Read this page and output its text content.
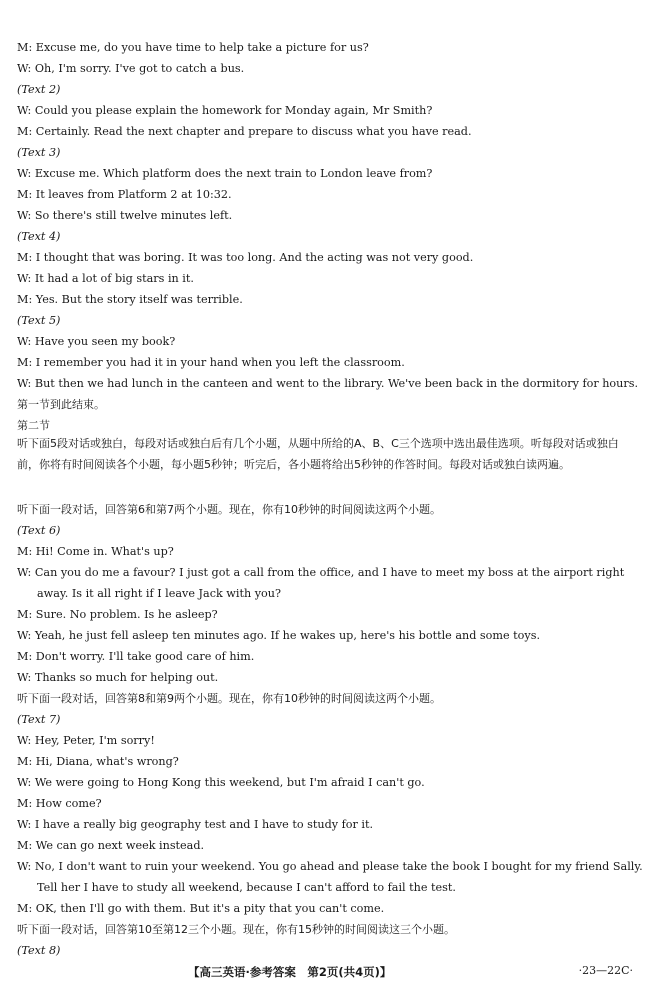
M: Excuse me, do you have time to help take a picture for us?
W: Oh, I'm sorry. I've got to catch a bus.
(Text 2)
W: Could you please explain the homework for Monday again, Mr Smith?
M: Certainly. Read the next chapter and prepare to discuss what you have read.
(Text 3)
W: Excuse me. Which platform does the next train to London leave from?
M: It leaves from Platform 2 at 10:32.
W: So there's still twelve minutes left.
(Text 4)
M: I thought that was boring. It was too long. And the acting was not very good.
W: It had a lot of big stars in it.
M: Yes. But the story itself was terrible.
(Text 5)
W: Have you seen my book?
M: I remember you had it in your hand when you left the classroom.
W: But then we had lunch in the canteen and went to the library. We've been back in the dormitory for hours.
第一节到此结束。
第二节
听下面5段对话或独白，每段对话或独白后有几个小题，从题中所给的A、B、C三个选项中选出最佳选项。听每段对话或独白前，你将有时间阅读各个小题，每小题5秒钟；听完后，各小题将给出5秒钟的作答时间。每段对话或独白读两遍。
听下面一段对话，回答第6和第7两个小题。现在，你有10秒钟的时间阅读这两个小题。
(Text 6)
M: Hi! Come in. What's up?
W: Can you do me a favour? I just got a call from the office, and I have to meet my boss at the airport right
away. Is it all right if I leave Jack with you?
M: Sure. No problem. Is he asleep?
W: Yeah, he just fell asleep ten minutes ago. If he wakes up, here's his bottle and some toys.
M: Don't worry. I'll take good care of him.
W: Thanks so much for helping out.
听下面一段对话，回答第8和第9两个小题。现在，你有10秒钟的时间阅读这两个小题。
(Text 7)
W: Hey, Peter, I'm sorry!
M: Hi, Diana, what's wrong?
W: We were going to Hong Kong this weekend, but I'm afraid I can't go.
M: How come?
W: I have a really big geography test and I have to study for it.
M: We can go next week instead.
W: No, I don't want to ruin your weekend. You go ahead and please take the book I bought for my friend Sally.
Tell her I have to study all weekend, because I can't afford to fail the test.
M: OK, then I'll go with them. But it's a pity that you can't come.
听下面一段对话，回答第10至第12三个小题。现在，你有15秒钟的时间阅读这三个小题。
(Text 8)
【高三英语·参考答案　第2页(共4页)】	·23—22C·
